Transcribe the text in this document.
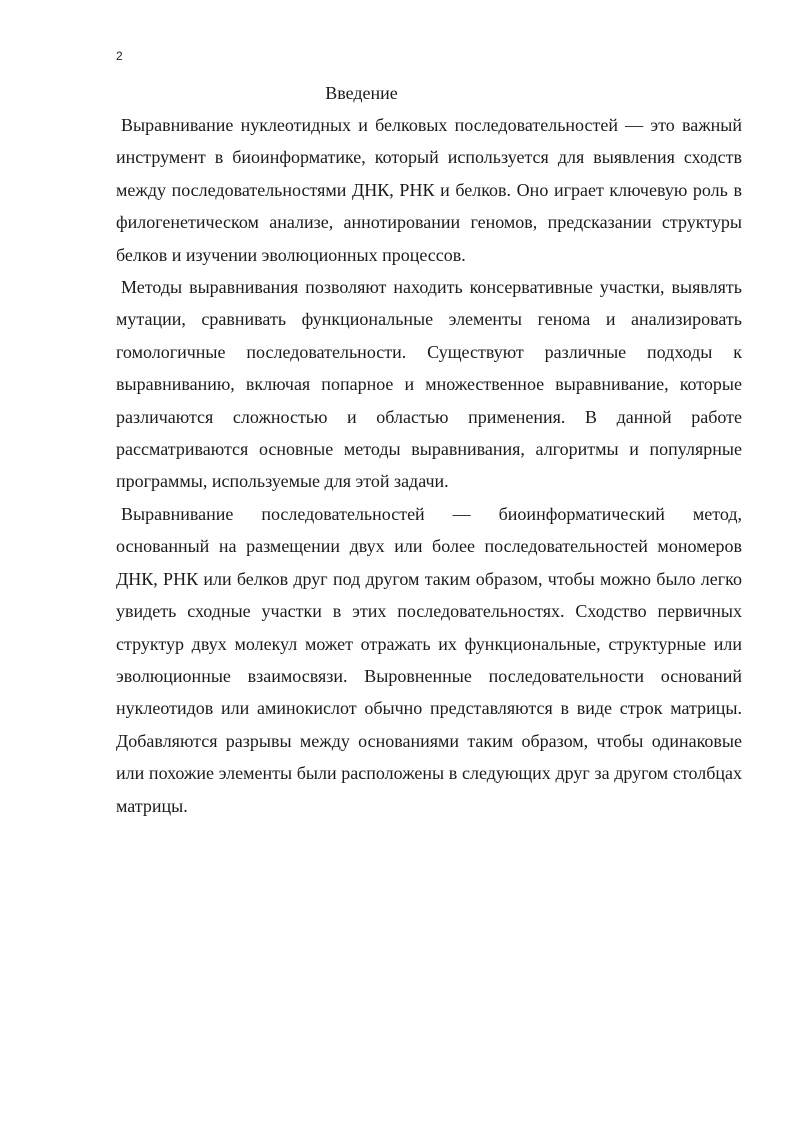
2
Введение

Выравнивание нуклеотидных и белковых последовательностей — это важный инструмент в биоинформатике, который используется для выявления сходств между последовательностями ДНК, РНК и белков. Оно играет ключевую роль в филогенетическом анализе, аннотировании геномов, предсказании структуры белков и изучении эволюционных процессов.

Методы выравнивания позволяют находить консервативные участки, выявлять мутации, сравнивать функциональные элементы генома и анализировать гомологичные последовательности. Существуют различные подходы к выравниванию, включая попарное и множественное выравнивание, которые различаются сложностью и областью применения. В данной работе рассматриваются основные методы выравнивания, алгоритмы и популярные программы, используемые для этой задачи.

Выравнивание последовательностей — биоинформатический метод, основанный на размещении двух или более последовательностей мономеров ДНК, РНК или белков друг под другом таким образом, чтобы можно было легко увидеть сходные участки в этих последовательностях. Сходство первичных структур двух молекул может отражать их функциональные, структурные или эволюционные взаимосвязи. Выровненные последовательности оснований нуклеотидов или аминокислот обычно представляются в виде строк матрицы. Добавляются разрывы между основаниями таким образом, чтобы одинаковые или похожие элементы были расположены в следующих друг за другом столбцах матрицы.
